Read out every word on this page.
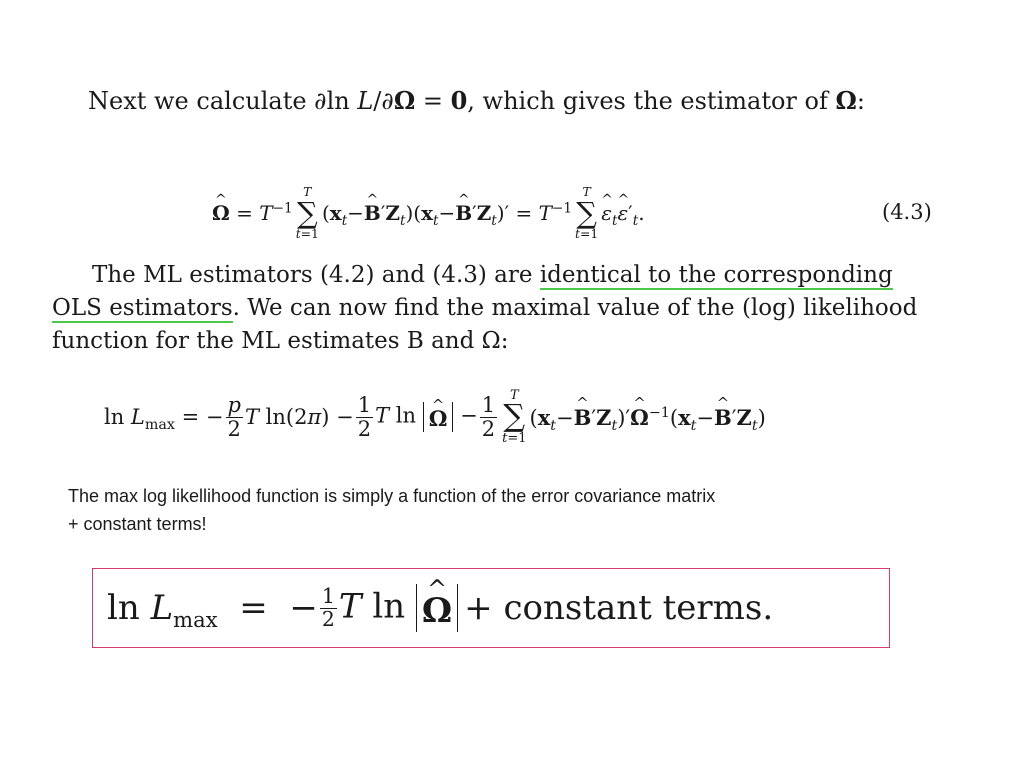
Next we calculate ∂ln L/∂Ω = 0, which gives the estimator of Ω:
^ $\Omega = T^{-1}$
T
∑
t=1
($x_t-\^{}$ $B'Z_t)(x_t-\^{}$ $B'Z_t)' = T^{-1}$
T
∑
t=1
^ $\varepsilon_t\^{}$ $\varepsilon'_t$.	(4.3)
The ML estimators (4.2) and (4.3) are identical to the corresponding
OLS estimators. We can now find the maximal value of the (log) likelihood
function for the ML estimates B and Ω:
$\ln L_{max}$ = − $\frac{p}{2}$ T $\ln(2\pi) - \frac{1}{2}$ T ln ^ $\Omega - \frac{1}{2}$ T
∑
t=1
($x_t-\^{}$ $B'Z_t)'\^{}$ $\Omega^{-1}(x_t-\^{}$ $B'Z_t$)
The max log likellihood function is simply a function of the error covariance matrix
+ constant terms!
$\ln L_{max}$  =  − $\frac{1}{2}$ T ln ^ Ω + constant terms.
